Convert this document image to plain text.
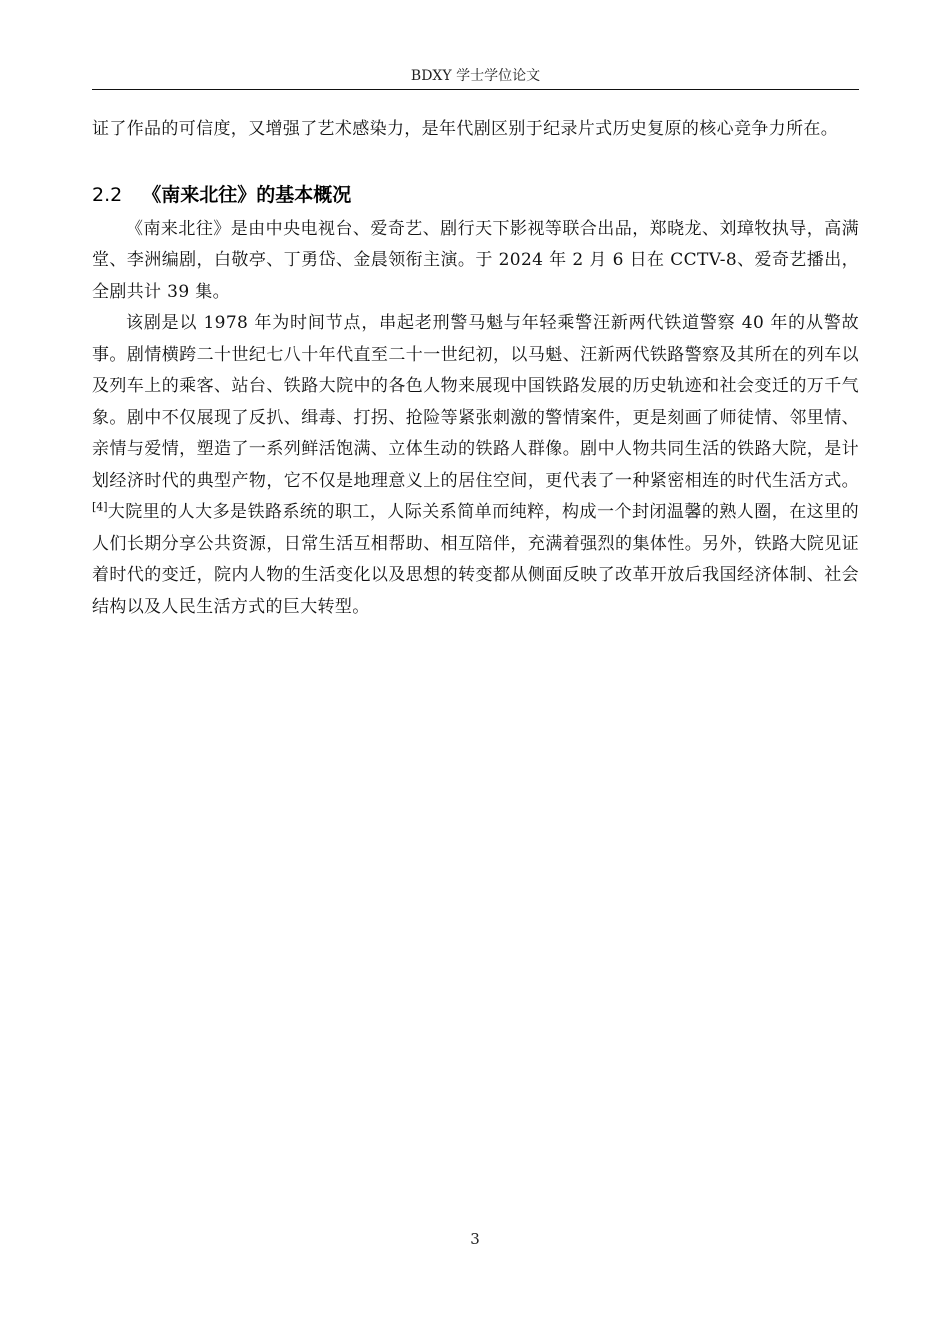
BDXY 学士学位论文

证了作品的可信度，又增强了艺术感染力，是年代剧区别于纪录片式历史复原的核心竞争力所在。

2.2 《南来北往》的基本概况

《南来北往》是由中央电视台、爱奇艺、剧行天下影视等联合出品，郑晓龙、刘璋牧执导，高满堂、李洲编剧，白敬亭、丁勇岱、金晨领衔主演。于 2024 年 2 月 6 日在 CCTV-8、爱奇艺播出，全剧共计 39 集。

该剧是以 1978 年为时间节点，串起老刑警马魁与年轻乘警汪新两代铁道警察 40 年的从警故事。剧情横跨二十世纪七八十年代直至二十一世纪初，以马魁、汪新两代铁路警察及其所在的列车以及列车上的乘客、站台、铁路大院中的各色人物来展现中国铁路发展的历史轨迹和社会变迁的万千气象。剧中不仅展现了反扒、缉毒、打拐、抢险等紧张刺激的警情案件，更是刻画了师徒情、邻里情、亲情与爱情，塑造了一系列鲜活饱满、立体生动的铁路人群像。剧中人物共同生活的铁路大院，是计划经济时代的典型产物，它不仅是地理意义上的居住空间，更代表了一种紧密相连的时代生活方式。[4]大院里的人大多是铁路系统的职工，人际关系简单而纯粹，构成一个封闭温馨的熟人圈，在这里的人们长期分享公共资源，日常生活互相帮助、相互陪伴，充满着强烈的集体性。另外，铁路大院见证着时代的变迁，院内人物的生活变化以及思想的转变都从侧面反映了改革开放后我国经济体制、社会结构以及人民生活方式的巨大转型。

3
